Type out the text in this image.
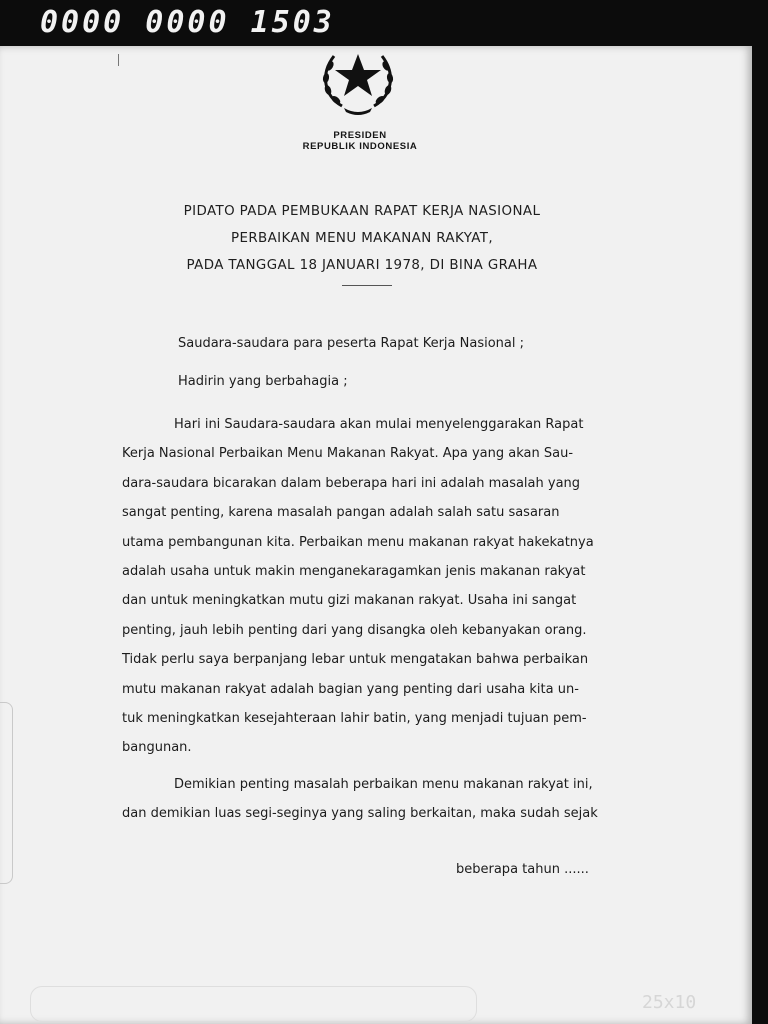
0000 0000 1503
PRESIDEN
REPUBLIK INDONESIA
PIDATO PADA PEMBUKAAN RAPAT KERJA NASIONAL
PERBAIKAN MENU MAKANAN RAKYAT,
PADA TANGGAL 18 JANUARI 1978, DI BINA GRAHA
Saudara-saudara para peserta Rapat Kerja Nasional ;
Hadirin yang berbahagia ;
Hari ini Saudara-saudara akan mulai menyelenggarakan Rapat
Kerja Nasional Perbaikan Menu Makanan Rakyat. Apa yang akan Sau-
dara-saudara bicarakan dalam beberapa hari ini adalah masalah yang
sangat penting, karena masalah pangan adalah salah satu sasaran
utama pembangunan kita. Perbaikan menu makanan rakyat hakekatnya
adalah usaha untuk makin menganekaragamkan jenis makanan rakyat
dan untuk meningkatkan mutu gizi makanan rakyat. Usaha ini sangat
penting, jauh lebih penting dari yang disangka oleh kebanyakan orang.
Tidak perlu saya berpanjang lebar untuk mengatakan bahwa perbaikan
mutu makanan rakyat adalah bagian yang penting dari usaha kita un-
tuk meningkatkan kesejahteraan lahir batin, yang menjadi tujuan pem-
bangunan.
Demikian penting masalah perbaikan menu makanan rakyat ini,
dan demikian luas segi-seginya yang saling berkaitan, maka sudah sejak
beberapa tahun ......
25x10
